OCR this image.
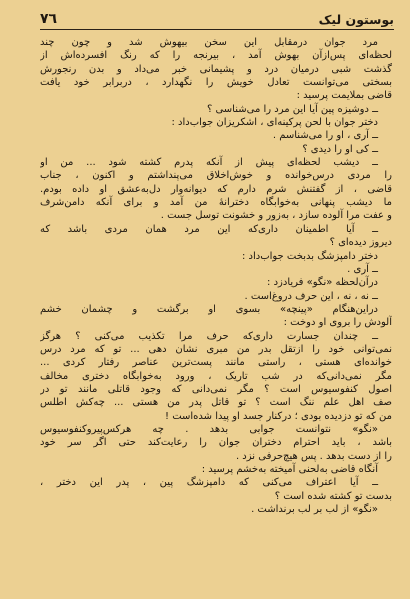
٧٦	بوستون لیک
مرد جوان درمقابل این سخن بیهوش شد و چون چند
لحظه‌ای پس‌ازآن بهوش آمد ، بیرنجه را که رنگ افسرده‌اش از
گذشت شبی درمیان درد و پشیمانی خبر می‌داد و بدن رنجورش
بسختی می‌توانست تعادل خویش را نگهدارد ، دربرابر خود یافت
قاضی بملایمت پرسید :
ــ دوشیزه پین آیا این مرد را می‌شناسی ؟
دختر جوان با لحن پرکینه‌ای ، اشکریزان جواب‌داد :
ــ آری ، او را می‌شناسم .
ــ کی او را دیدی ؟
ــ دیشب لحظه‌ای پیش از آنکه پدرم کشته شود ... من او
را مردی درس‌خوانده و خوش‌اخلاق می‌پنداشتم و اکنون ، جناب
قاضی ، از گفتنش شرم دارم که دیوانه‌وار دل‌به‌عشق او داده بودم.
ما دیشب پنهانی به‌خوابگاه دخترانهٔ من آمد و برای آنکه دامن‌شرف
و عفت مرا آلوده سازد ، به‌زور و خشونت توسل جست .
ــ آیا اطمینان داری‌که این مرد همان مردی باشد که
دیروز دیده‌ای ؟
دختر دامپزشگ بدبخت جواب‌داد :
ــ آری .
درآن‌لحظه «نگو» فریادزد :
ــ نه ، نه ، این حرف دروغ‌است .
درا‌ین‌هنگام «پینچه» بسوی او برگشت و چشمان خشم
آلودش را بروی او دوخت :
ــ چندان جسارت داری‌که حرف مرا تکذیب می‌کنی ؟ هرگز
نمی‌توانی خود را ازتقل بدر من مبری نشان دهی ... تو که مرد درس
خوانده‌ای هستی ، راستی مانند پست‌ترین عناصر رفتار کردی ...
مگر نمی‌دانی‌که در شب تاریک ، ورود به‌خوابگاه دختری مخالف
اصول کنفوسیوس است ؟ مگر نمی‌دانی که وجود قاتلی مانند تو در
صف اهل علم ننگ است ؟ تو قاتل پدر من هستی ... چه‌کش اطلس
من که تو دزدیده بودی ؛ درکنار جسد او پیدا شده‌است !
«نگو» نتوانست جوابی بدهد . چه هرکس‌پیرو‌کنفوسیوس
باشد ، باید احترام دختران جوان را رعایت‌کند حتی اگر سر خود
را از دست بدهد . پس هیچ‌حرفی نزد .
آنگاه قاضی به‌لحنی آمیخته به‌خشم پرسید :
ــ آیا اعتراف می‌کنی که دامپزشگ پین ، پدر این دختر ،
بدست تو کشته شده است ؟
«نگو» از لب بر لب برنداشت .
